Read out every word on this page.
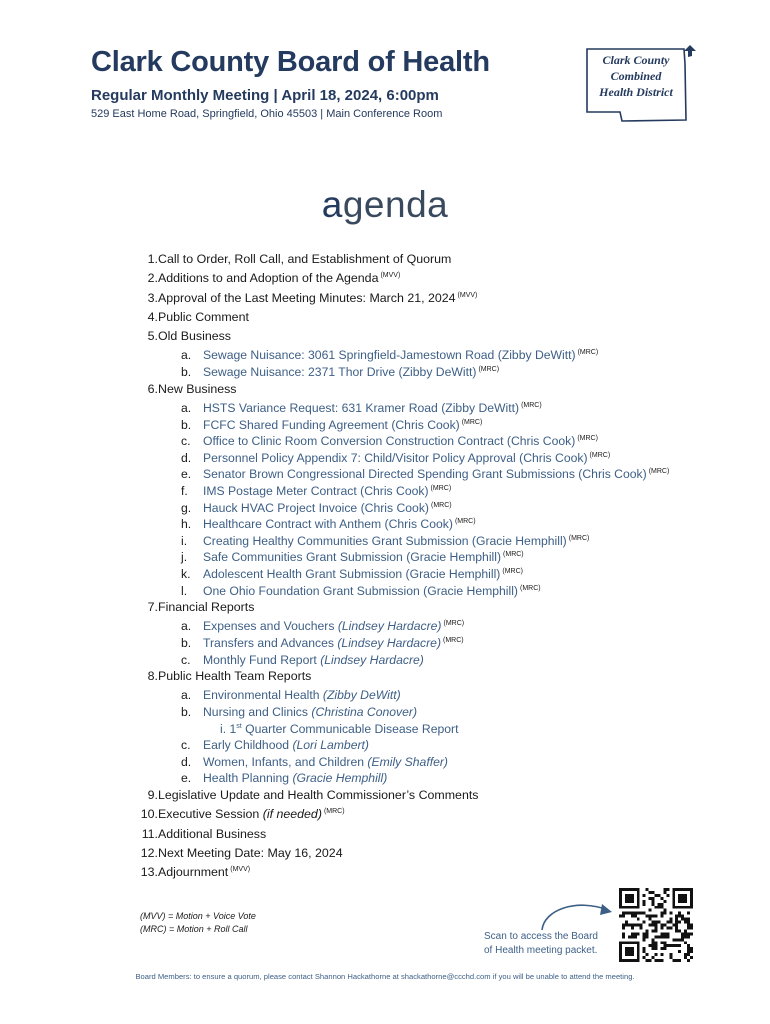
Clark County Board of Health
Regular Monthly Meeting | April 18, 2024, 6:00pm
529 East Home Road, Springfield, Ohio 45503 | Main Conference Room
Clark County
Combined
Health District
agenda
1. Call to Order, Roll Call, and Establishment of Quorum
2. Additions to and Adoption of the Agenda $^{(MVV)}$
3. Approval of the Last Meeting Minutes: March 21, 2024 $^{(MVV)}$
4. Public Comment
5. Old Business
a. Sewage Nuisance: 3061 Springfield-Jamestown Road (Zibby DeWitt) $^{(MRC)}$
b. Sewage Nuisance: 2371 Thor Drive (Zibby DeWitt) $^{(MRC)}$
6. New Business
a. HSTS Variance Request: 631 Kramer Road (Zibby DeWitt) $^{(MRC)}$
b. FCFC Shared Funding Agreement (Chris Cook) $^{(MRC)}$
c. Office to Clinic Room Conversion Construction Contract (Chris Cook) $^{(MRC)}$
d. Personnel Policy Appendix 7: Child/Visitor Policy Approval (Chris Cook) $^{(MRC)}$
e. Senator Brown Congressional Directed Spending Grant Submissions (Chris Cook) $^{(MRC)}$
f. IMS Postage Meter Contract (Chris Cook) $^{(MRC)}$
g. Hauck HVAC Project Invoice (Chris Cook) $^{(MRC)}$
h. Healthcare Contract with Anthem (Chris Cook) $^{(MRC)}$
i. Creating Healthy Communities Grant Submission (Gracie Hemphill) $^{(MRC)}$
j. Safe Communities Grant Submission (Gracie Hemphill) $^{(MRC)}$
k. Adolescent Health Grant Submission (Gracie Hemphill) $^{(MRC)}$
l. One Ohio Foundation Grant Submission (Gracie Hemphill) $^{(MRC)}$
7. Financial Reports
a. Expenses and Vouchers (Lindsey Hardacre) $^{(MRC)}$
b. Transfers and Advances (Lindsey Hardacre) $^{(MRC)}$
c. Monthly Fund Report (Lindsey Hardacre)
8. Public Health Team Reports
a. Environmental Health (Zibby DeWitt)
b. Nursing and Clinics (Christina Conover)
i. 1st Quarter Communicable Disease Report
c. Early Childhood (Lori Lambert)
d. Women, Infants, and Children (Emily Shaffer)
e. Health Planning (Gracie Hemphill)
9. Legislative Update and Health Commissioner’s Comments
10. Executive Session (if needed) $^{(MRC)}$
11. Additional Business
12. Next Meeting Date: May 16, 2024
13. Adjournment $^{(MVV)}$
(MVV) = Motion + Voice Vote
(MRC) = Motion + Roll Call
Scan to access the Board
of Health meeting packet.
Board Members: to ensure a quorum, please contact Shannon Hackathorne at shackathorne@ccchd.com if you will be unable to attend the meeting.
